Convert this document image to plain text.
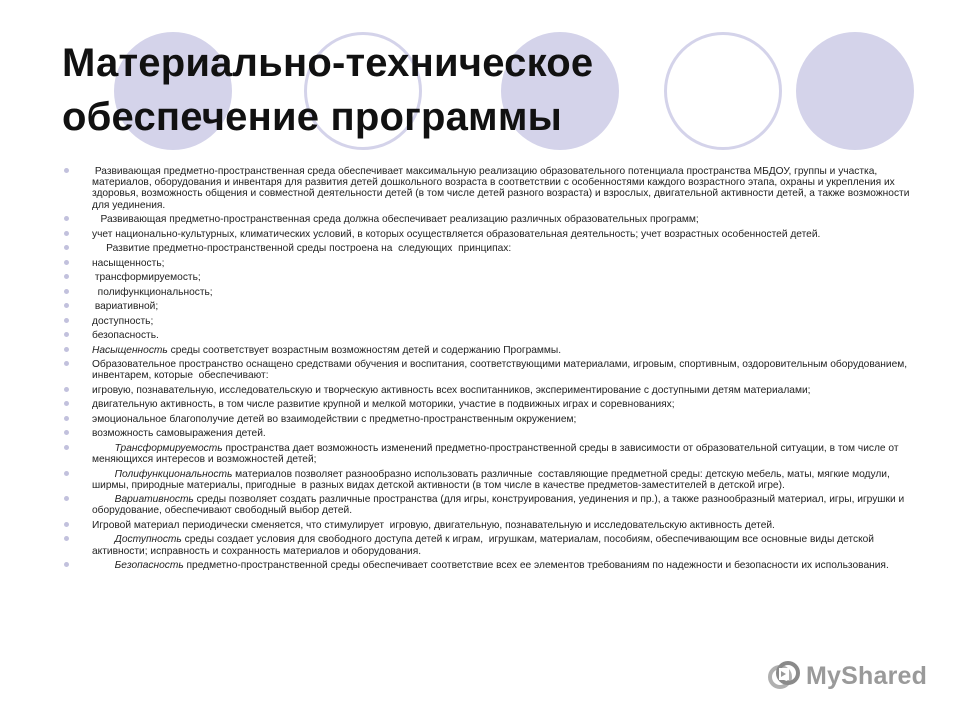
Материально-техническое
обеспечение программы
Развивающая предметно-пространственная среда обеспечивает максимальную реализацию образовательного потенциала пространства МБДОУ, группы и участка, материалов, оборудования и инвентаря для развития детей дошкольного возраста в соответствии с особенностями каждого возрастного этапа, охраны и укрепления их здоровья, возможность общения и совместной деятельности детей (в том числе детей разного возраста) и взрослых, двигательной активности детей, а также возможности для уединения.
Развивающая предметно-пространственная среда должна обеспечивает реализацию различных образовательных программ;
учет национально-культурных, климатических условий, в которых осуществляется образовательная деятельность; учет возрастных особенностей детей.
Развитие предметно-пространственной среды построена на  следующих  принципах:
насыщенность;
трансформируемость;
полифункциональность;
вариативной;
доступность;
безопасность.
Насыщенность среды соответствует возрастным возможностям детей и содержанию Программы.
Образовательное пространство оснащено средствами обучения и воспитания, соответствующими материалами, игровым, спортивным, оздоровительным оборудованием, инвентарем, которые  обеспечивают:
игровую, познавательную, исследовательскую и творческую активность всех воспитанников, экспериментирование с доступными детям материалами;
двигательную активность, в том числе развитие крупной и мелкой моторики, участие в подвижных играх и соревнованиях;
эмоциональное благополучие детей во взаимодействии с предметно-пространственным окружением;
возможность самовыражения детей.
Трансформируемость пространства дает возможность изменений предметно-пространственной среды в зависимости от образовательной ситуации, в том числе от меняющихся интересов и возможностей детей;
Полифункциональность материалов позволяет разнообразно использовать различные  составляющие предметной среды: детскую мебель, маты, мягкие модули, ширмы, природные материалы, пригодные  в разных видах детской активности (в том числе в качестве предметов-заместителей в детской игре).
Вариативность среды позволяет создать различные пространства (для игры, конструирования, уединения и пр.), а также разнообразный материал, игры, игрушки и оборудование, обеспечивают свободный выбор детей.
Игровой материал периодически сменяется, что стимулирует  игровую, двигательную, познавательную и исследовательскую активность детей.
Доступность среды создает условия для свободного доступа детей к играм,  игрушкам, материалам, пособиям, обеспечивающим все основные виды детской активности; исправность и сохранность материалов и оборудования.
Безопасность предметно-пространственной среды обеспечивает соответствие всех ее элементов требованиям по надежности и безопасности их использования.
MyShared
